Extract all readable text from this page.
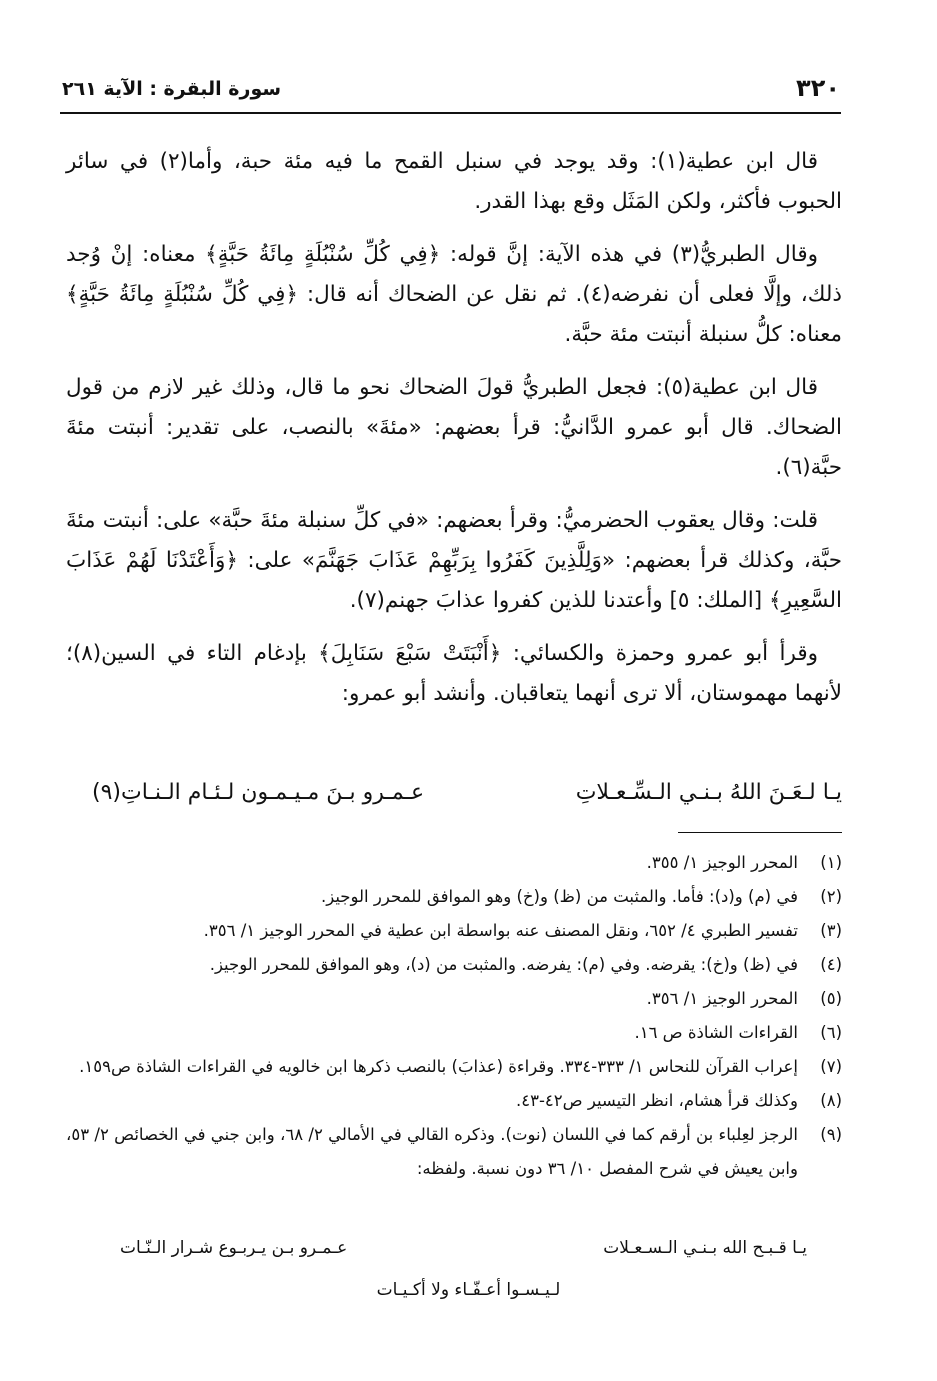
٣٢٠
سورة البقرة : الآية ٢٦١

قال ابن عطية(١): وقد يوجد في سنبل القمح ما فيه مئة حبة، وأما(٢) في سائر الحبوب فأكثر، ولكن المَثَل وقع بهذا القدر.

وقال الطبريُّ(٣) في هذه الآية: إنَّ قوله: ﴿فِي كُلِّ سُنْبُلَةٍ مِائَةُ حَبَّةٍ﴾ معناه: إنْ وُجد ذلك، وإلَّا فعلى أن نفرضه(٤). ثم نقل عن الضحاك أنه قال: ﴿فِي كُلِّ سُنْبُلَةٍ مِائَةُ حَبَّةٍ﴾ معناه: كلُّ سنبلة أنبتت مئة حبَّة.

قال ابن عطية(٥): فجعل الطبريُّ قولَ الضحاك نحو ما قال، وذلك غير لازم من قول الضحاك. قال أبو عمرو الدَّانيُّ: قرأ بعضهم: «مئةَ» بالنصب، على تقدير: أنبتت مئةَ حبَّة(٦).

قلت: وقال يعقوب الحضرميُّ: وقرأ بعضهم: «في كلِّ سنبلة مئةَ حبَّة» على: أنبتت مئةَ حبَّة، وكذلك قرأ بعضهم: «وَلِلَّذِينَ كَفَرُوا بِرَبِّهِمْ عَذَابَ جَهَنَّمَ» على: ﴿وَأَعْتَدْنَا لَهُمْ عَذَابَ السَّعِيرِ﴾ [الملك: ٥] وأعتدنا للذين كفروا عذابَ جهنم(٧).

وقرأ أبو عمرو وحمزة والكسائي: ﴿أَنْبَتَتْ سَبْعَ سَنَابِلَ﴾ بإدغام التاء في السين(٨)؛ لأنهما مهموستان، ألا ترى أنهما يتعاقبان. وأنشد أبو عمرو:

يـا لـعَـنَ اللهُ بـنـي الـسِّـعـلاتِ
عـمـرو بـنَ مـيـمـون لـئـام الـنـاتِ(٩)
(١)
المحرر الوجيز ١/ ٣٥٥.
(٢)
في (م) و(د): فأما. والمثبت من (ظ) و(خ) وهو الموافق للمحرر الوجيز.
(٣)
تفسير الطبري ٤/ ٦٥٢، ونقل المصنف عنه بواسطة ابن عطية في المحرر الوجيز ١/ ٣٥٦.
(٤)
في (ظ) و(خ): يقرضه. وفي (م): يفرضه. والمثبت من (د)، وهو الموافق للمحرر الوجيز.
(٥)
المحرر الوجيز ١/ ٣٥٦.
(٦)
القراءات الشاذة ص ١٦.
(٧)
إعراب القرآن للنحاس ١/ ٣٣٣-٣٣٤. وقراءة (عذابَ) بالنصب ذكرها ابن خالويه في القراءات الشاذة ص١٥٩.
(٨)
وكذلك قرأ هشام، انظر التيسير ص٤٢-٤٣.
(٩)
الرجز لعِلباء بن أرقم كما في اللسان (نوت). وذكره القالي في الأمالي ٢/ ٦٨، وابن جني في الخصائص ٢/ ٥٣، وابن يعيش في شرح المفصل ١٠/ ٣٦ دون نسبة. ولفظه:
يـا قـبـح الله بـنـي الـسـعـلات
عـمـرو بـن يـربـوع شـرار الـنّـات
لـيـسـوا أعـفّـاء ولا أكـيـات
